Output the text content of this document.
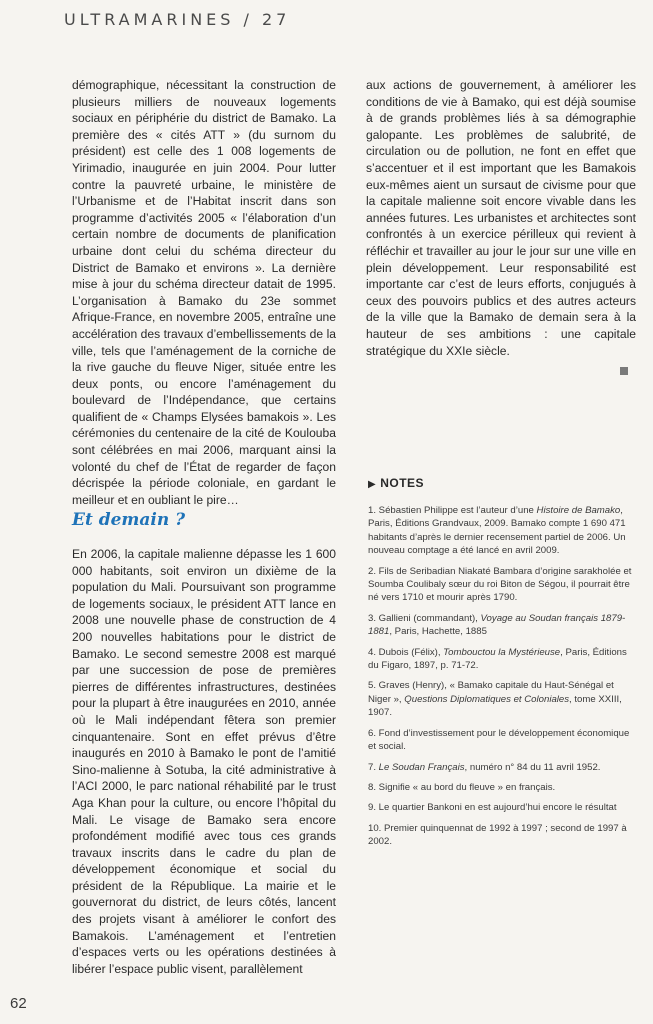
ULTRAMARINES / 27

démographique, nécessitant la construction de plusieurs milliers de nouveaux logements sociaux en périphérie du district de Bamako. La première des « cités ATT » (du surnom du président) est celle des 1 008 logements de Yirimadio, inaugurée en juin 2004. Pour lutter contre la pauvreté urbaine, le ministère de l’Urbanisme et de l’Habitat inscrit dans son programme d’activités 2005 « l’élaboration d’un certain nombre de documents de planification urbaine dont celui du schéma directeur du District de Bamako et environs ». La dernière mise à jour du schéma directeur datait de 1995. L’organisation à Bamako du 23e sommet Afrique-France, en novembre 2005, entraîne une accélération des travaux d’embellissements de la ville, tels que l’aménagement de la corniche de la rive gauche du fleuve Niger, située entre les deux ponts, ou encore l’aménagement du boulevard de l’Indépendance, que certains qualifient de « Champs Elysées bamakois ». Les cérémonies du centenaire de la cité de Koulouba sont célébrées en mai 2006, marquant ainsi la volonté du chef de l’État de regarder de façon décrispée la période coloniale, en gardant le meilleur et en oubliant le pire…

Et demain ?

En 2006, la capitale malienne dépasse les 1 600 000 habitants, soit environ un dixième de la population du Mali. Poursuivant son programme de logements sociaux, le président ATT lance en 2008 une nouvelle phase de construction de 4 200 nouvelles habitations pour le district de Bamako. Le second semestre 2008 est marqué par une succession de pose de premières pierres de différentes infrastructures, destinées pour la plupart à être inaugurées en 2010, année où le Mali indépendant fêtera son premier cinquantenaire. Sont en effet prévus d’être inaugurés en 2010 à Bamako le pont de l’amitié Sino-malienne à Sotuba, la cité administrative à l’ACI 2000, le parc national réhabilité par le trust Aga Khan pour la culture, ou encore l’hôpital du Mali. Le visage de Bamako sera encore profondément modifié avec tous ces grands travaux inscrits dans le cadre du plan de développement économique et social du président de la République. La mairie et le gouvernorat du district, de leurs côtés, lancent des projets visant à améliorer le confort des Bamakois. L’aménagement et l’entretien d’espaces verts ou les opérations destinées à libérer l’espace public visent, parallèlement

aux actions de gouvernement, à améliorer les conditions de vie à Bamako, qui est déjà soumise à de grands problèmes liés à sa démographie galopante. Les problèmes de salubrité, de circulation ou de pollution, ne font en effet que s’accentuer et il est important que les Bamakois eux-mêmes aient un sursaut de civisme pour que la capitale malienne soit encore vivable dans les années futures. Les urbanistes et architectes sont confrontés à un exercice périlleux qui revient à réfléchir et travailler au jour le jour sur une ville en plein développement. Leur responsabilité est importante car c’est de leurs efforts, conjugués à ceux des pouvoirs publics et des autres acteurs de la ville que la Bamako de demain sera à la hauteur de ses ambitions : une capitale stratégique du XXIe siècle.

▶ NOTES
1. Sébastien Philippe est l’auteur d’une Histoire de Bamako, Paris, Éditions Grandvaux, 2009. Bamako compte 1 690 471 habitants d’après le dernier recensement partiel de 2006. Un nouveau comptage a été lancé en avril 2009.
2. Fils de Seribadian Niakaté Bambara d’origine sarakholée et Soumba Coulibaly sœur du roi Biton de Ségou, il pourrait être né vers 1710 et mourir après 1790.
3. Gallieni (commandant), Voyage au Soudan français 1879-1881, Paris, Hachette, 1885
4. Dubois (Félix), Tombouctou la Mystérieuse, Paris, Éditions du Figaro, 1897, p. 71-72.
5. Graves (Henry), « Bamako capitale du Haut-Sénégal et Niger », Questions Diplomatiques et Coloniales, tome XXIII, 1907.
6. Fond d’investissement pour le développement économique et social.
7. Le Soudan Français, numéro n° 84 du 11 avril 1952.
8. Signifie « au bord du fleuve » en français.
9. Le quartier Bankoni en est aujourd’hui encore le résultat
10. Premier quinquennat de 1992 à 1997 ; second de 1997 à 2002.
62
